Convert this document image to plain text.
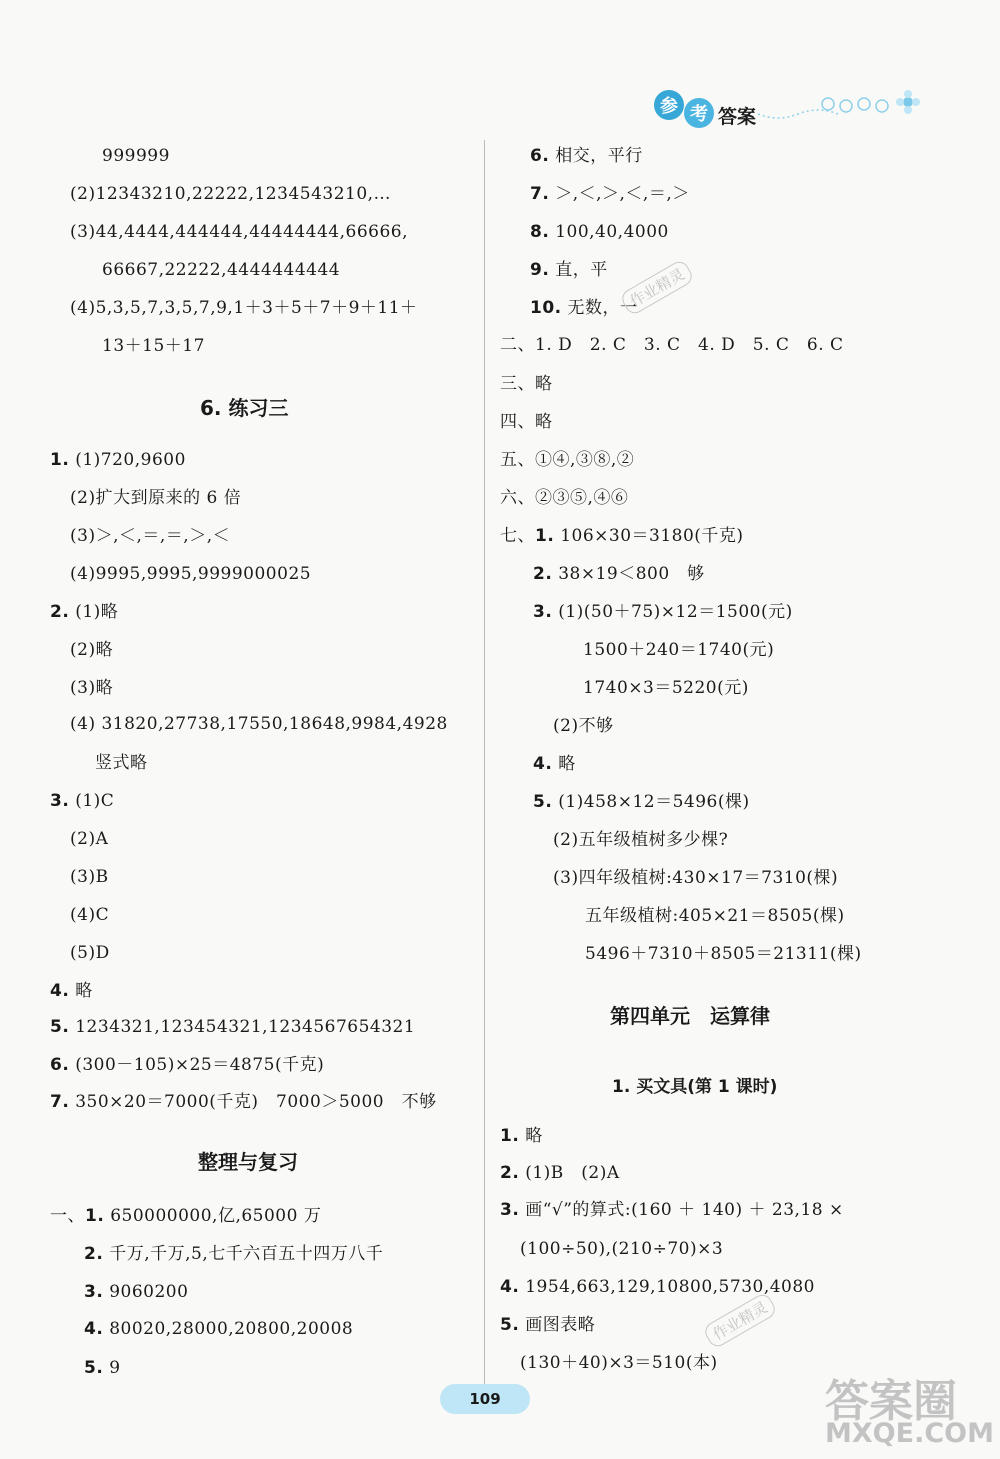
参 考 答案
999999
(2)12343210,22222,1234543210,…
(3)44,4444,444444,44444444,66666,
66667,22222,4444444444
(4)5,3,5,7,3,5,7,9,1＋3＋5＋7＋9＋11＋
13＋15＋17
6. 练习三
1. (1)720,9600
(2)扩大到原来的 6 倍
(3)＞,＜,＝,＝,＞,＜
(4)9995,9995,9999000025
2. (1)略
(2)略
(3)略
(4) 31820,27738,17550,18648,9984,4928
竖式略
3. (1)C
(2)A
(3)B
(4)C
(5)D
4. 略
5. 1234321,123454321,1234567654321
6. (300－105)×25＝4875(千克)
7. 350×20＝7000(千克)　7000＞5000　不够
整理与复习
一、1. 650000000,亿,65000 万
2. 千万,千万,5,七千六百五十四万八千
3. 9060200
4. 80020,28000,20800,20008
5. 9
6. 相交，平行
7. ＞,＜,＞,＜,＝,＞
8. 100,40,4000
9. 直，平
10. 无数，一
二、1. D　2. C　3. C　4. D　5. C　6. C
三、略
四、略
五、①④,③⑧,②
六、②③⑤,④⑥
七、1. 106×30＝3180(千克)
2. 38×19＜800　够
3. (1)(50＋75)×12＝1500(元)
1500＋240＝1740(元)
1740×3＝5220(元)
(2)不够
4. 略
5. (1)458×12＝5496(棵)
(2)五年级植树多少棵?
(3)四年级植树:430×17＝7310(棵)
五年级植树:405×21＝8505(棵)
5496＋7310＋8505＝21311(棵)
第四单元　运算律
1. 买文具(第 1 课时)
1. 略
2. (1)B　(2)A
3. 画“√”的算式:(160 ＋ 140) ＋ 23,18 ×
(100÷50),(210÷70)×3
4. 1954,663,129,10800,5730,4080
5. 画图表略
(130＋40)×3＝510(本)
作业精灵
作业精灵
答案圈
MXQE.COM
109
